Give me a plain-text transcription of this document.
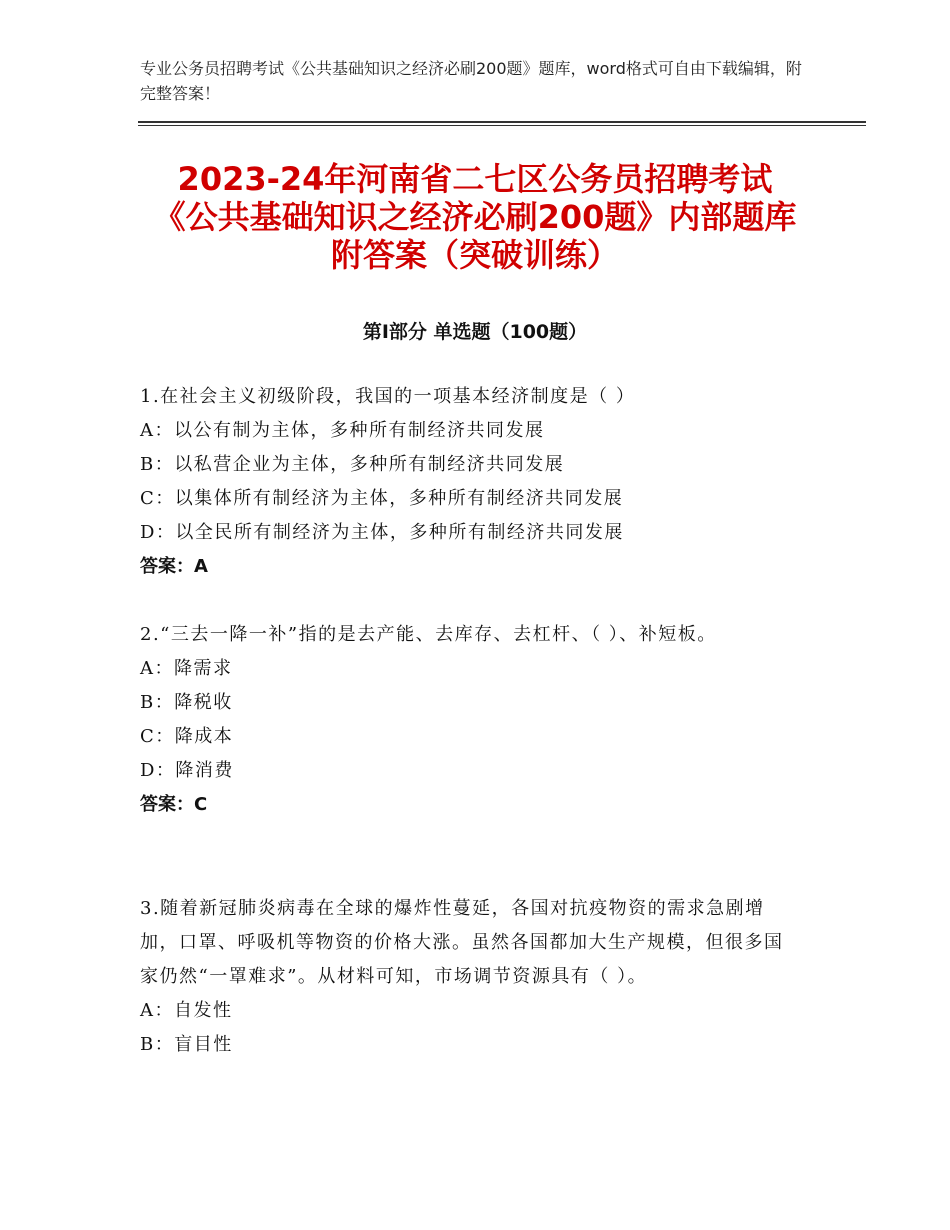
专业公务员招聘考试《公共基础知识之经济必刷200题》题库，word格式可自由下载编辑，附完整答案！
2023-24年河南省二七区公务员招聘考试《公共基础知识之经济必刷200题》内部题库附答案（突破训练）
第Ⅰ部分 单选题（100题）
1.在社会主义初级阶段，我国的一项基本经济制度是（ ）
A：以公有制为主体，多种所有制经济共同发展
B：以私营企业为主体，多种所有制经济共同发展
C：以集体所有制经济为主体，多种所有制经济共同发展
D：以全民所有制经济为主体，多种所有制经济共同发展
答案：A
2.“三去一降一补”指的是去产能、去库存、去杠杆、（ ）、补短板。
A：降需求
B：降税收
C：降成本
D：降消费
答案：C
3.随着新冠肺炎病毒在全球的爆炸性蔓延，各国对抗疫物资的需求急剧增加，口罩、呼吸机等物资的价格大涨。虽然各国都加大生产规模，但很多国家仍然“一罩难求”。从材料可知，市场调节资源具有（ ）。
A：自发性
B：盲目性
